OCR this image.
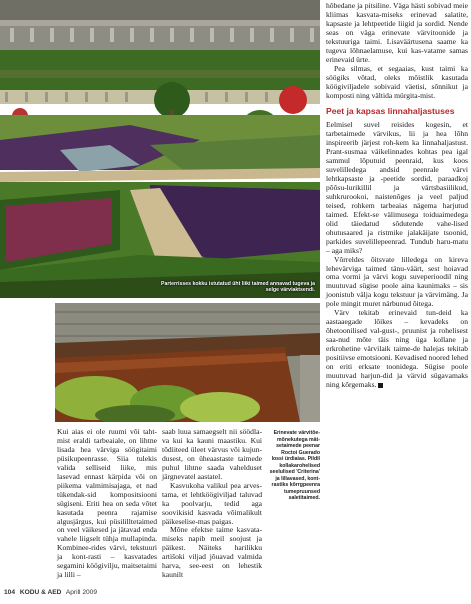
Parterrisses kokku istutatud üht liiki taimed annavad tugeva ja selge värviaktsendi.

hõbedane ja pitsiline. Väga hästi sobivad meie kliimas kasvata-miseks erinevad salatite, kapsaste ja lehtpeetide liigid ja sordid. Nende seas on väga erinevate värvitoonide ja tekstuuriga taimi. Lisaväärtusena saame ka tugeva lõhnaelamuse, kui kas-vatame samas erinevaid ürte.

Pea silmas, et segaaias, kust taimi ka söögiks võtad, oleks mõistlik kasutada köögiviljadele sobivaid väetisi, sõnnikut ja komposti ning vältida mürgita-mist.

Peet ja kapsas linnahaljastuses

Eelmisel suvel reisides kogesin, et tarbetaimede värvikus, lii ja hea lõhn inspireerib järjest roh-kem ka linnahaljastust. Prant-susmaa väikelinnades kohtas pea igal sammul lõputuid peenraid, kus koos suvelilledega andsid peenrale värvi lehtkapsaste ja -peetide sordid, paraadkoj põõsu-lurikillil ja värtsbasiilikud, suhkrurookoi, naistenõges ja veel paljud teised, rohkem tarbeaias nägema harjutud taimed. Efekt-se välimusega toiduaimedega olid täiedatud sõdutende vahe-lised ohutusaared ja ristmike jalakäijate tsoonid, parkides suvelillepeenrad. Tundub haru-matu – aga miks?

Võrreldes õitsvate lilledega on kireva lehevärviga taimed tänu-väärt, sest hoiavad oma vormi ja värvi kogu suveperioodil ning muutuvad sügise poole aina kaunimaks – sis joonistub välja kogu tekstuur ja värvimäng. Ja pole mingit muret närbunud õitega.

Värv tekitab erinevaid tun-deid ka aastaaegade lõikes – kevadeks on õhetoonilised val-gust-, pruunist ja rohelisest saa-nud mõte täis ning üga kollane ja erkrohetine värvilaik taime-de halejas tekitab positiivse emotsiooni. Kevadised noored lehed on eriti erksate toonidega. Sügise poole muutuvad harjun-did ja värvid sügavamaks ning kõrgemaks.

Kui aias ei ole ruumi või taht-mist eraldi tarbeaiale, on lihtne lisada hea värviga söögitaimi püsikupeenrasse. Siia tulekis valida selliseid liike, mis lasevad ennast kärpida või on piikema valmimisajaga, et nad tükendak-sid kompositsiooni sügiseni. Eriti hea on seda võtet kasutada peenra rajamise algusjärgus, kui püsililltetaimed on veel väikesed ja jätavad enda vahele liigselt tühja mullapinda. Kombinee-rides värvi, tekstuuri ja kont-rasti – kasvatades segamini köögivilju, maitsetaimi ja lilli –

saab luua samaegselt nii söödla-va kui ka kauni maastiku. Kui tõdiiteed üleet värvus või kujun-dusest, on üheaastaste taimede puhul lihtne saada vahelduset järgnevatel aastatel.

Kasvukoha valikul pea arves-tama, et lehtköögiviljad taluvad ka poolvarju, tedid aga soovikisid kasvada võimalikult päikeselise-mas paigas.

Mõne efektse taime kasvata-miseks napib meil soojust ja päikest. Näiteks harilikku artišoki viljad jõuavad valmida harva, see-eest on lehestik kaunilt

Erinevate värvitõe-mõnekutega mät-setaimede peenar Roctoi Guerado lossi ürdiaias. Pildil kollakarohelised seelulised 'Criterina' ja lillavased, kont-rastiks kõrrgpeenra tumepruunsed saletitaimed.
104 KODU & AED Aprill 2009
